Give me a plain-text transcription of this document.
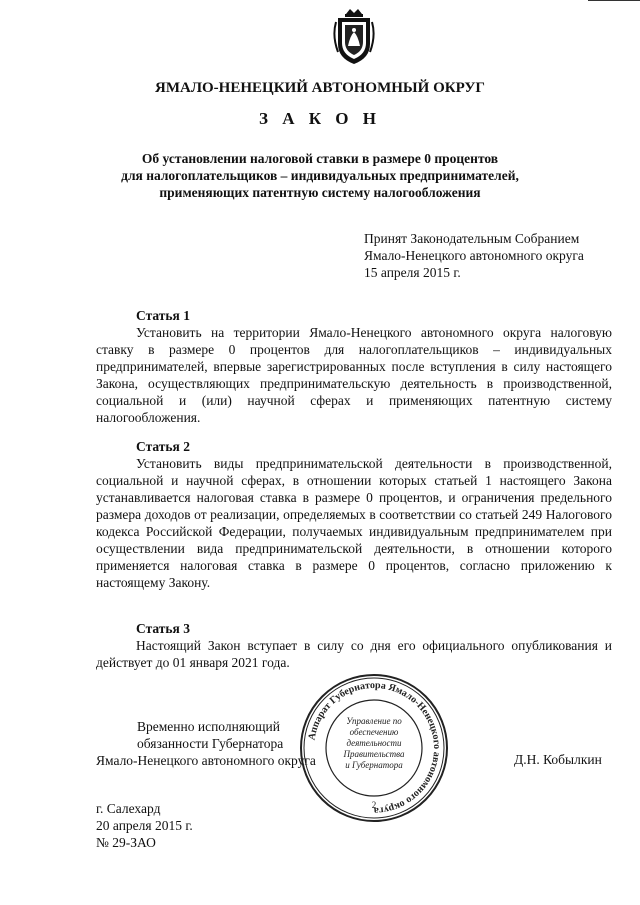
ЯМАЛО-НЕНЕЦКИЙ АВТОНОМНЫЙ ОКРУГ
З А К О Н
Об установлении налоговой ставки в размере 0 процентов
для налогоплательщиков – индивидуальных предпринимателей,
применяющих патентную систему налогообложения
Принят Законодательным Собранием
Ямало-Ненецкого автономного округа
15 апреля 2015 г.
Статья 1

Установить на территории Ямало-Ненецкого автономного округа налоговую ставку в размере 0 процентов для налогоплательщиков – индивидуальных предпринимателей, впервые зарегистрированных после вступления в силу настоящего Закона, осуществляющих предпринимательскую деятельность в производственной, социальной и (или) научной сферах и применяющих патентную систему налогообложения.

Статья 2

Установить виды предпринимательской деятельности в производственной, социальной и научной сферах, в отношении которых статьей 1 настоящего Закона устанавливается налоговая ставка в размере 0 процентов, и ограничения предельного размера доходов от реализации, определяемых в соответствии со статьей 249 Налогового кодекса Российской Федерации, получаемых индивидуальным предпринимателем при осуществлении вида предпринимательской деятельности, в отношении которого применяется налоговая ставка в размере 0 процентов, согласно приложению к настоящему Закону.

Статья 3

Настоящий Закон вступает в силу со дня его официального опубликования и действует до 01 января 2021 года.

Временно исполняющий
обязанности Губернатора
Ямало-Ненецкого автономного округа	Д.Н. Кобылкин
Аппарат Губернатора Ямало-Ненецкого автономного округа
Управление по
обеспечению
деятельности
Правительства
и Губернатора
2
г. Салехард
20 апреля 2015 г.
№ 29-ЗАО
